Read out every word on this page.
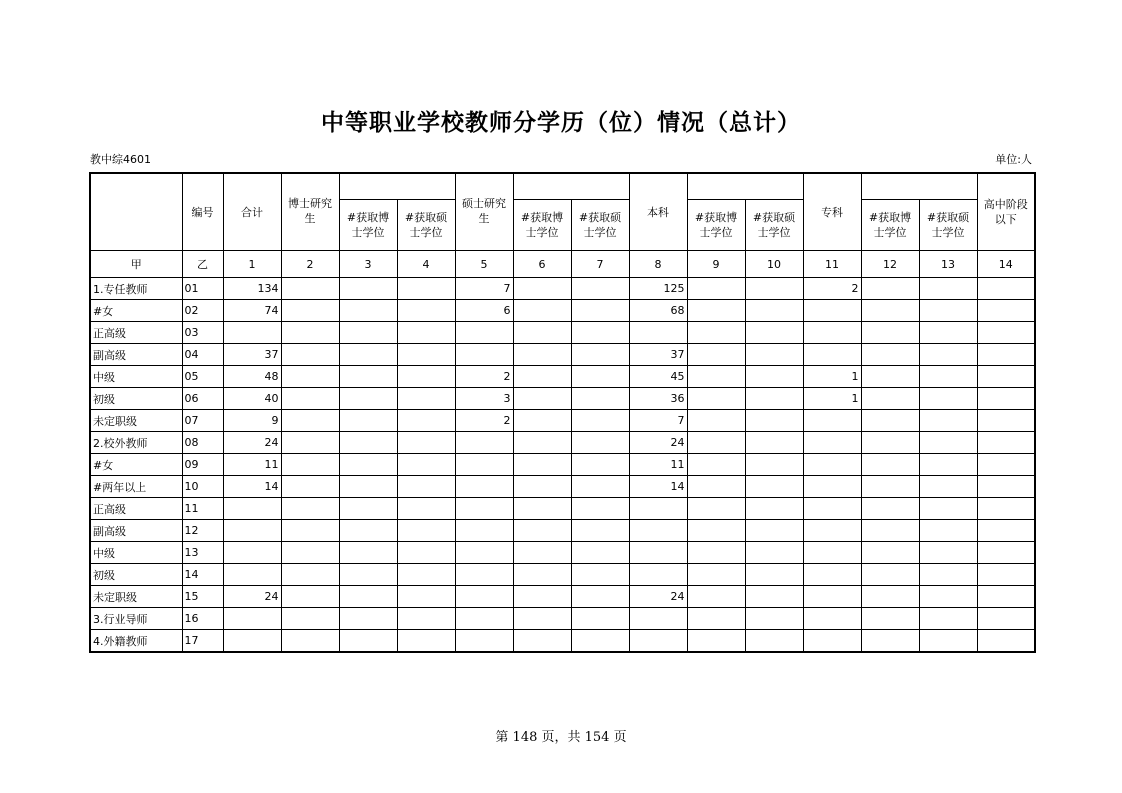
中等职业学校教师分学历（位）情况（总计）
教中综4601	单位:人
	编号	合计	博士研究生			硕士研究生			本科			专科			高中阶段以下
				#获取博士学位	#获取硕士学位		#获取博士学位	#获取硕士学位		#获取博士学位	#获取硕士学位		#获取博士学位	#获取硕士学位	
甲	乙	1	2	3	4	5	6	7	8	9	10	11	12	13	14
1.专任教师	01	134				7			125			2			
#女	02	74				6			68						
正高级	03														
副高级	04	37							37						
中级	05	48				2			45			1			
初级	06	40				3			36			1			
未定职级	07	9				2			7						
2.校外教师	08	24							24						
#女	09	11							11						
#两年以上	10	14							14						
正高级	11														
副高级	12														
中级	13														
初级	14														
未定职级	15	24							24						
3.行业导师	16														
4.外籍教师	17														
第 148 页，共 154 页
